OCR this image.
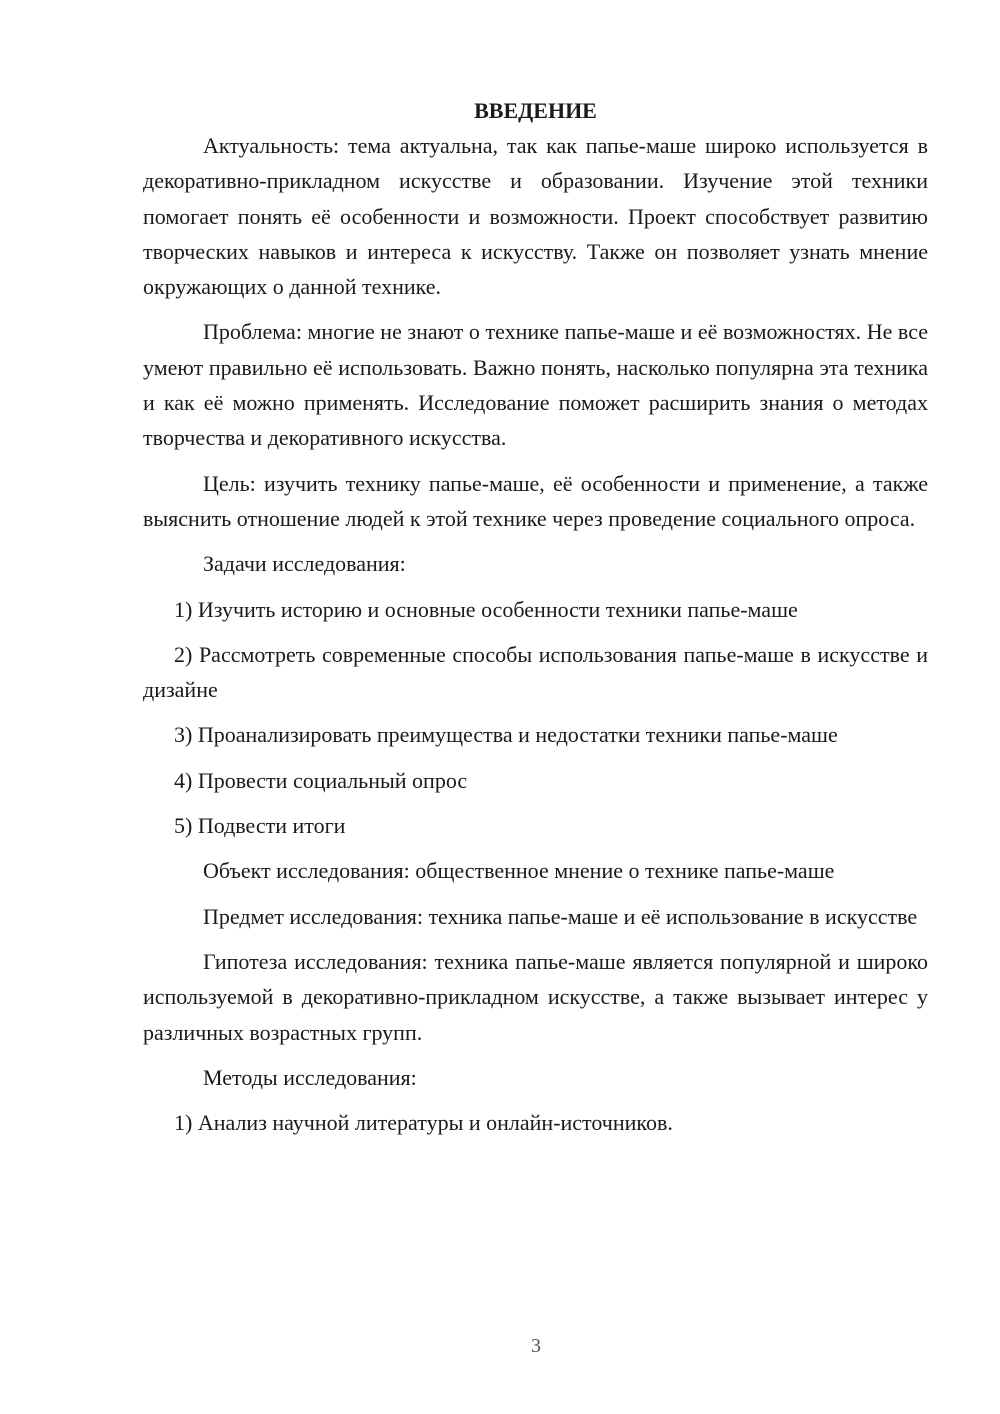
ВВЕДЕНИЕ

Актуальность: тема актуальна, так как папье-маше широко используется в декоративно-прикладном искусстве и образовании. Изучение этой техники помогает понять её особенности и возможности. Проект способствует развитию творческих навыков и интереса к искусству. Также он позволяет узнать мнение окружающих о данной технике.

Проблема: многие не знают о технике папье-маше и её возможностях. Не все умеют правильно её использовать. Важно понять, насколько популярна эта техника и как её можно применять. Исследование поможет расширить знания о методах творчества и декоративного искусства.

Цель: изучить технику папье-маше, её особенности и применение, а также выяснить отношение людей к этой технике через проведение социального опроса.

Задачи исследования:

1) Изучить историю и основные особенности техники папье-маше

2) Рассмотреть современные способы использования папье-маше в искусстве и дизайне

3) Проанализировать преимущества и недостатки техники папье-маше

4) Провести социальный опрос

5) Подвести итоги

Объект исследования: общественное мнение о технике папье-маше

Предмет исследования: техника папье-маше и её использование в искусстве

Гипотеза исследования: техника папье-маше является популярной и широко используемой в декоративно-прикладном искусстве, а также вызывает интерес у различных возрастных групп.

Методы исследования:

1) Анализ научной литературы и онлайн-источников.

3
